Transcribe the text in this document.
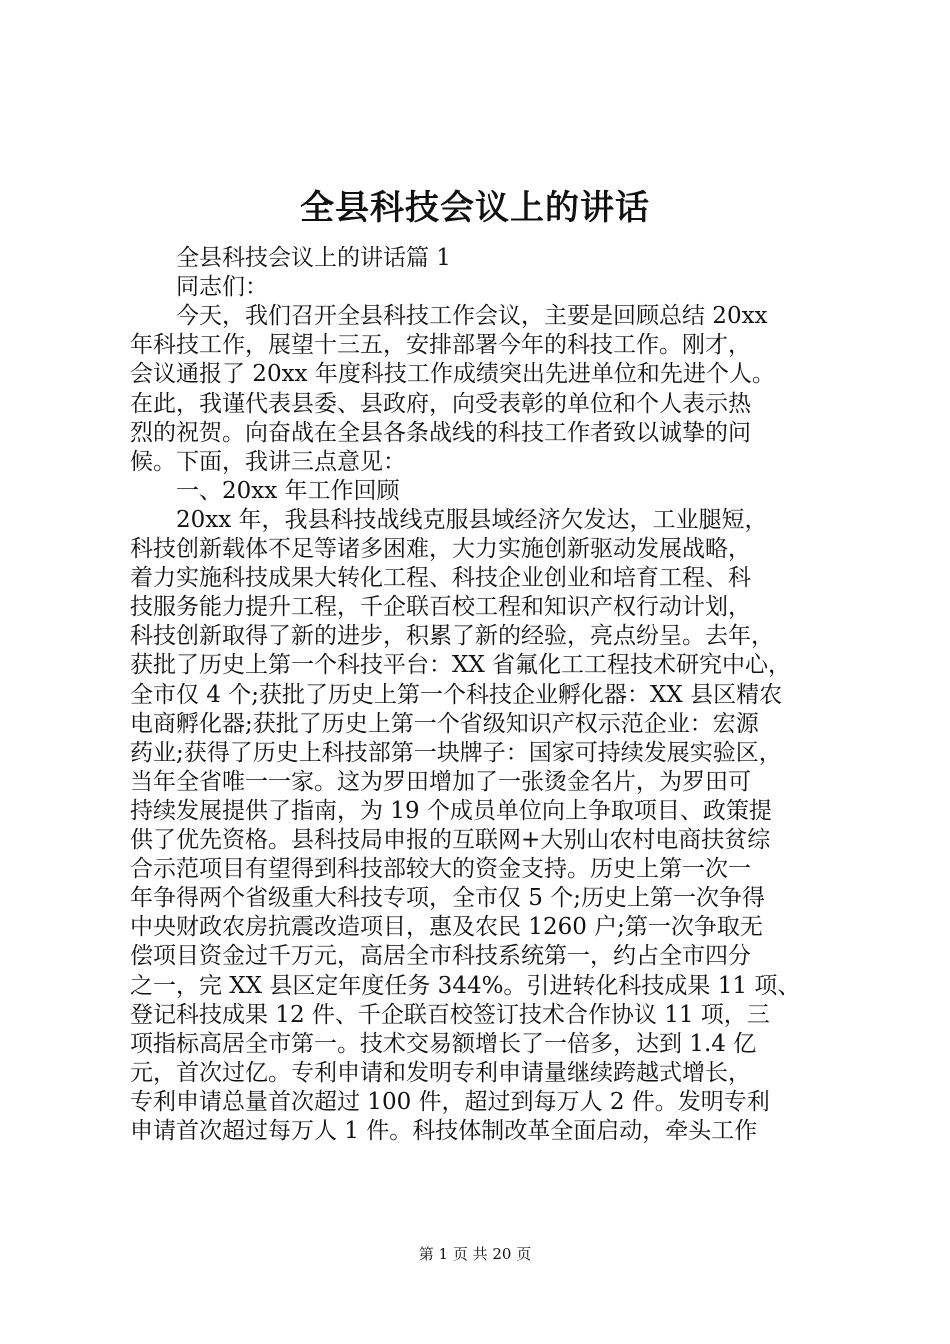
全县科技会议上的讲话
全县科技会议上的讲话篇 1
同志们：
今天，我们召开全县科技工作会议，主要是回顾总结 20xx
年科技工作，展望十三五，安排部署今年的科技工作。刚才，
会议通报了 20xx 年度科技工作成绩突出先进单位和先进个人。
在此，我谨代表县委、县政府，向受表彰的单位和个人表示热
烈的祝贺。向奋战在全县各条战线的科技工作者致以诚挚的问
候。下面，我讲三点意见：
一、20xx 年工作回顾
20xx 年，我县科技战线克服县域经济欠发达，工业腿短，
科技创新载体不足等诸多困难，大力实施创新驱动发展战略，
着力实施科技成果大转化工程、科技企业创业和培育工程、科
技服务能力提升工程，千企联百校工程和知识产权行动计划，
科技创新取得了新的进步，积累了新的经验，亮点纷呈。去年，
获批了历史上第一个科技平台：XX 省氟化工工程技术研究中心，
全市仅 4 个;获批了历史上第一个科技企业孵化器：XX 县区精农
电商孵化器;获批了历史上第一个省级知识产权示范企业：宏源
药业;获得了历史上科技部第一块牌子：国家可持续发展实验区，
当年全省唯一一家。这为罗田增加了一张烫金名片，为罗田可
持续发展提供了指南，为 19 个成员单位向上争取项目、政策提
供了优先资格。县科技局申报的互联网+大别山农村电商扶贫综
合示范项目有望得到科技部较大的资金支持。历史上第一次一
年争得两个省级重大科技专项，全市仅 5 个;历史上第一次争得
中央财政农房抗震改造项目，惠及农民 1260 户;第一次争取无
偿项目资金过千万元，高居全市科技系统第一，约占全市四分
之一，完 XX 县区定年度任务 344%。引进转化科技成果 11 项、
登记科技成果 12 件、千企联百校签订技术合作协议 11 项，三
项指标高居全市第一。技术交易额增长了一倍多，达到 1.4 亿
元，首次过亿。专利申请和发明专利申请量继续跨越式增长，
专利申请总量首次超过 100 件，超过到每万人 2 件。发明专利
申请首次超过每万人 1 件。科技体制改革全面启动，牵头工作
第 1 页 共 20 页
